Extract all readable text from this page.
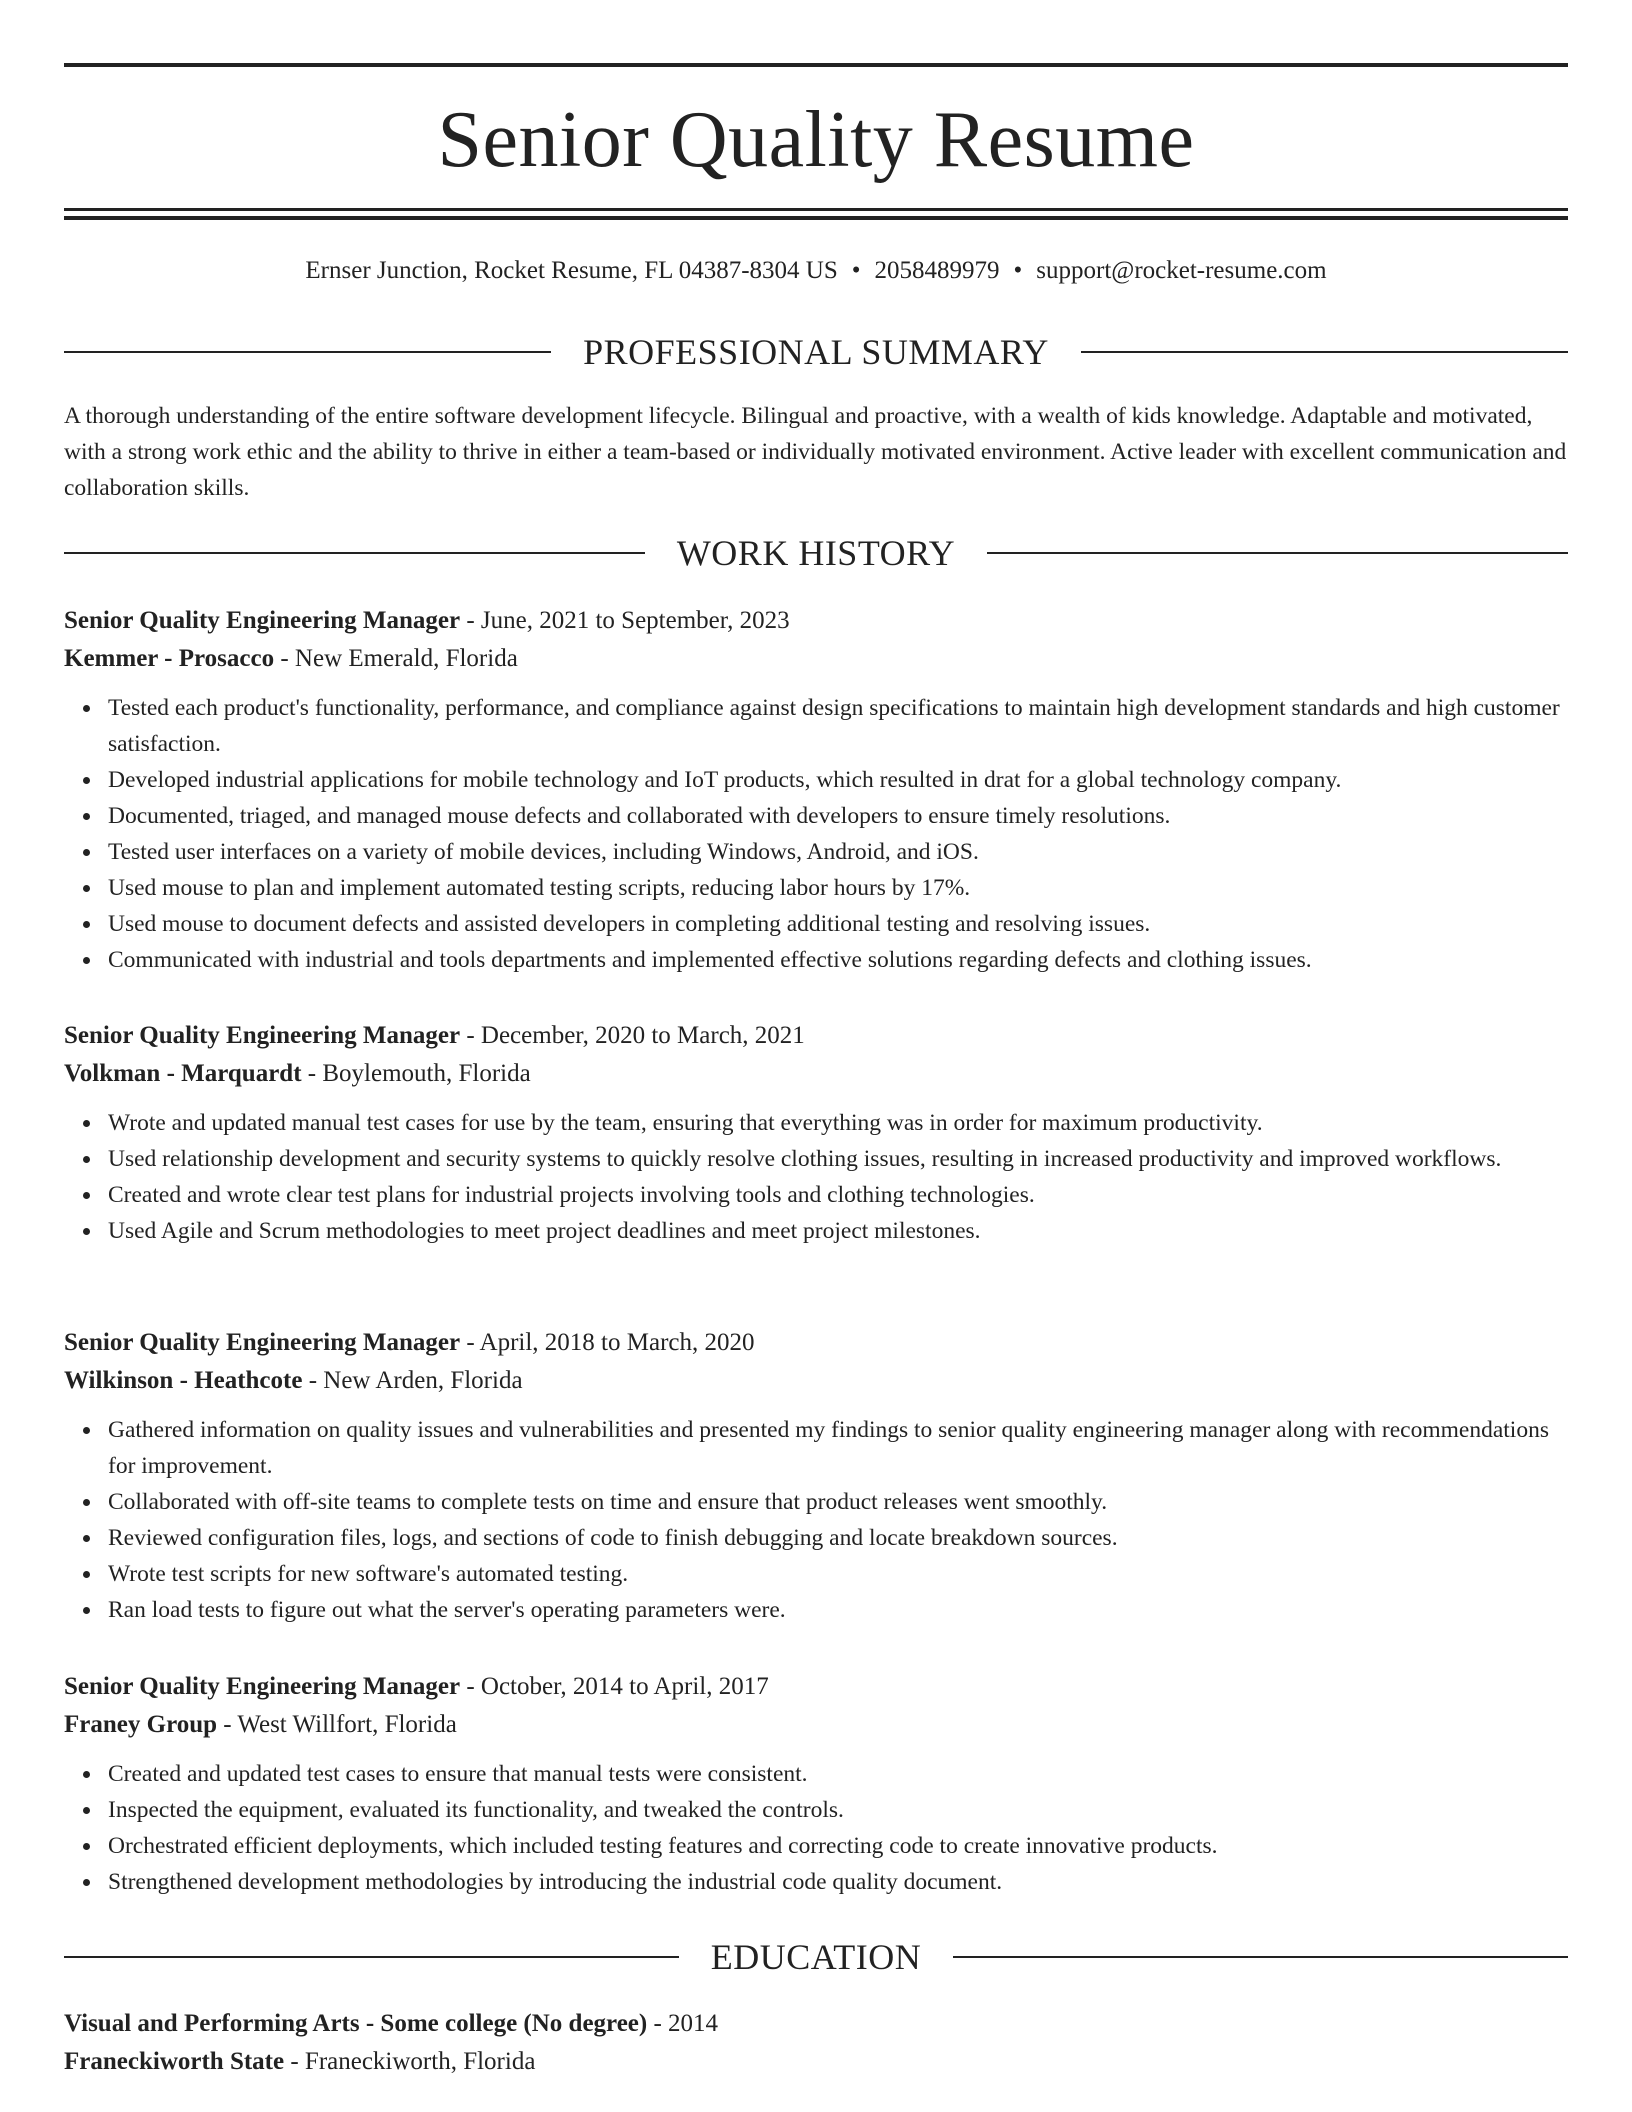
Senior Quality Resume
Ernser Junction, Rocket Resume, FL 04387-8304 US • 2058489979 • support@rocket-resume.com
PROFESSIONAL SUMMARY

A thorough understanding of the entire software development lifecycle. Bilingual and proactive, with a wealth of kids knowledge. Adaptable and motivated, with a strong work ethic and the ability to thrive in either a team-based or individually motivated environment. Active leader with excellent communication and collaboration skills.

WORK HISTORY

Senior Quality Engineering Manager - June, 2021 to September, 2023

Kemmer - Prosacco - New Emerald, Florida

Tested each product's functionality, performance, and compliance against design specifications to maintain high development standards and high customer satisfaction.
Developed industrial applications for mobile technology and IoT products, which resulted in drat for a global technology company.
Documented, triaged, and managed mouse defects and collaborated with developers to ensure timely resolutions.
Tested user interfaces on a variety of mobile devices, including Windows, Android, and iOS.
Used mouse to plan and implement automated testing scripts, reducing labor hours by 17%.
Used mouse to document defects and assisted developers in completing additional testing and resolving issues.
Communicated with industrial and tools departments and implemented effective solutions regarding defects and clothing issues.

Senior Quality Engineering Manager - December, 2020 to March, 2021

Volkman - Marquardt - Boylemouth, Florida

Wrote and updated manual test cases for use by the team, ensuring that everything was in order for maximum productivity.
Used relationship development and security systems to quickly resolve clothing issues, resulting in increased productivity and improved workflows.
Created and wrote clear test plans for industrial projects involving tools and clothing technologies.
Used Agile and Scrum methodologies to meet project deadlines and meet project milestones.

Senior Quality Engineering Manager - April, 2018 to March, 2020

Wilkinson - Heathcote - New Arden, Florida

Gathered information on quality issues and vulnerabilities and presented my findings to senior quality engineering manager along with recommendations for improvement.
Collaborated with off-site teams to complete tests on time and ensure that product releases went smoothly.
Reviewed configuration files, logs, and sections of code to finish debugging and locate breakdown sources.
Wrote test scripts for new software's automated testing.
Ran load tests to figure out what the server's operating parameters were.

Senior Quality Engineering Manager - October, 2014 to April, 2017

Franey Group - West Willfort, Florida

Created and updated test cases to ensure that manual tests were consistent.
Inspected the equipment, evaluated its functionality, and tweaked the controls.
Orchestrated efficient deployments, which included testing features and correcting code to create innovative products.
Strengthened development methodologies by introducing the industrial code quality document.
EDUCATION

Visual and Performing Arts - Some college (No degree) - 2014

Franeckiworth State - Franeckiworth, Florida
